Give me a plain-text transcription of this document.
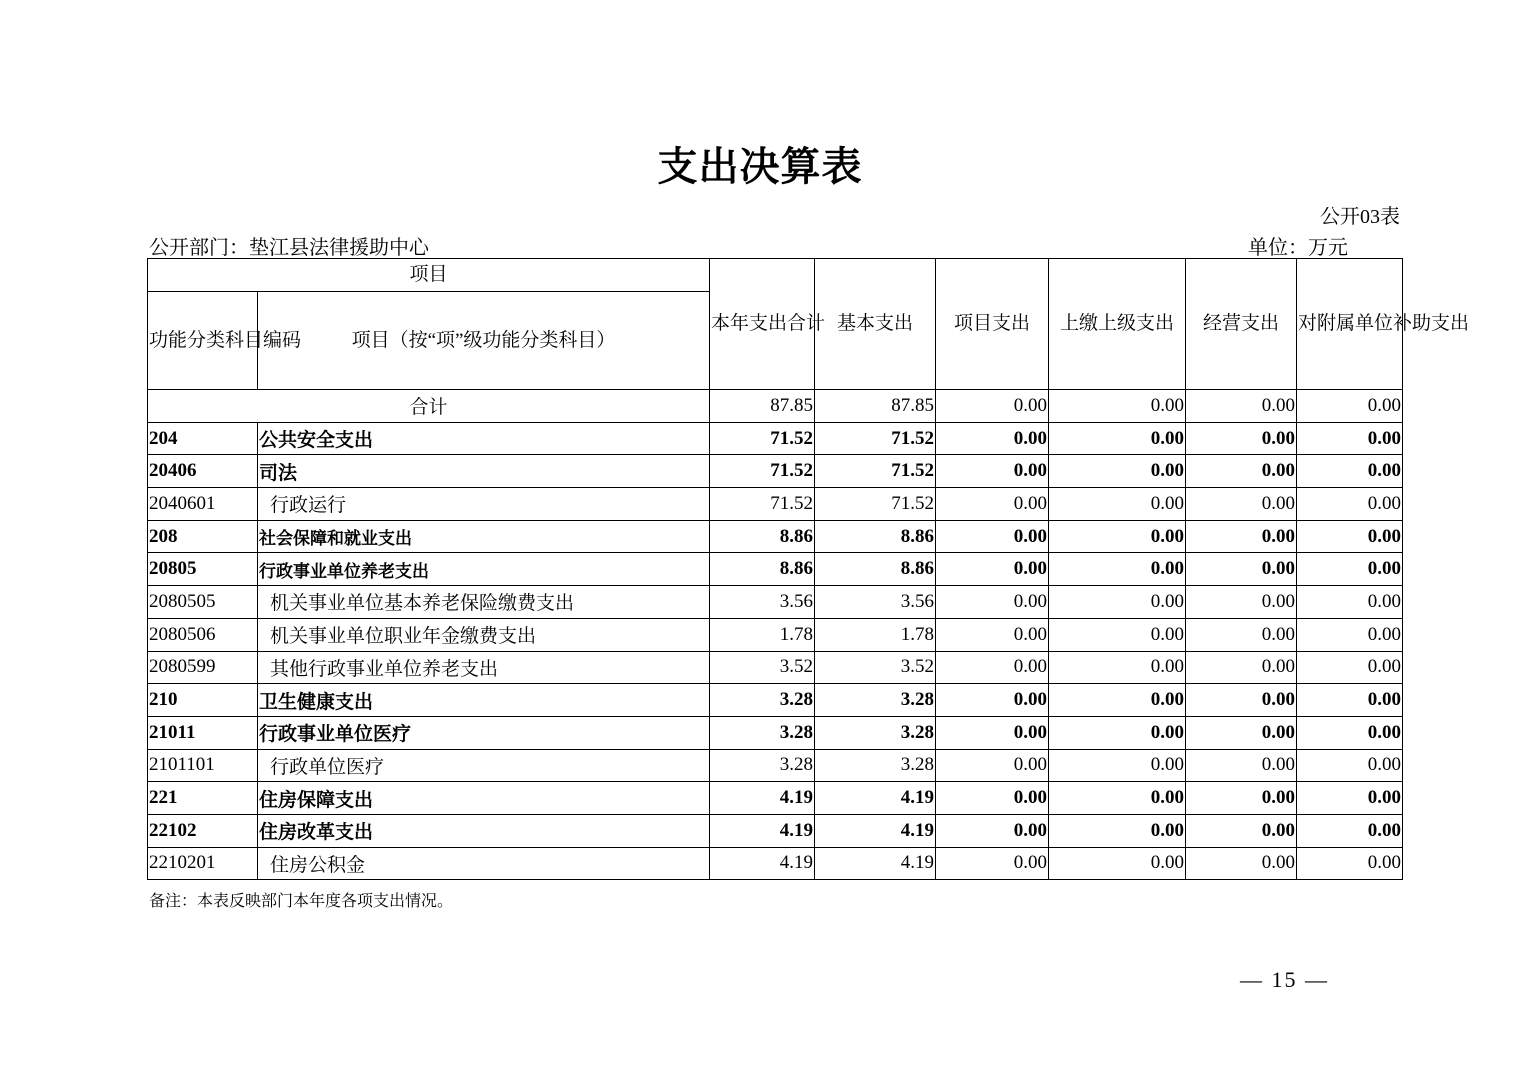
支出决算表
公开03表
公开部门：垫江县法律援助中心	单位：万元
项目		本年支出合计	基本支出	项目支出	上缴上级支出	经营支出	对附属单位补助支出
功能分类科目编码	项目（按“项”级功能分类科目）						
合计		87.85	87.85	0.00	0.00	0.00	0.00
204	公共安全支出	71.52	71.52	0.00	0.00	0.00	0.00
20406	司法	71.52	71.52	0.00	0.00	0.00	0.00
2040601	行政运行	71.52	71.52	0.00	0.00	0.00	0.00
208	社会保障和就业支出	8.86	8.86	0.00	0.00	0.00	0.00
20805	行政事业单位养老支出	8.86	8.86	0.00	0.00	0.00	0.00
2080505	机关事业单位基本养老保险缴费支出	3.56	3.56	0.00	0.00	0.00	0.00
2080506	机关事业单位职业年金缴费支出	1.78	1.78	0.00	0.00	0.00	0.00
2080599	其他行政事业单位养老支出	3.52	3.52	0.00	0.00	0.00	0.00
210	卫生健康支出	3.28	3.28	0.00	0.00	0.00	0.00
21011	行政事业单位医疗	3.28	3.28	0.00	0.00	0.00	0.00
2101101	行政单位医疗	3.28	3.28	0.00	0.00	0.00	0.00
221	住房保障支出	4.19	4.19	0.00	0.00	0.00	0.00
22102	住房改革支出	4.19	4.19	0.00	0.00	0.00	0.00
2210201	住房公积金	4.19	4.19	0.00	0.00	0.00	0.00
备注：本表反映部门本年度各项支出情况。
— 15 —
